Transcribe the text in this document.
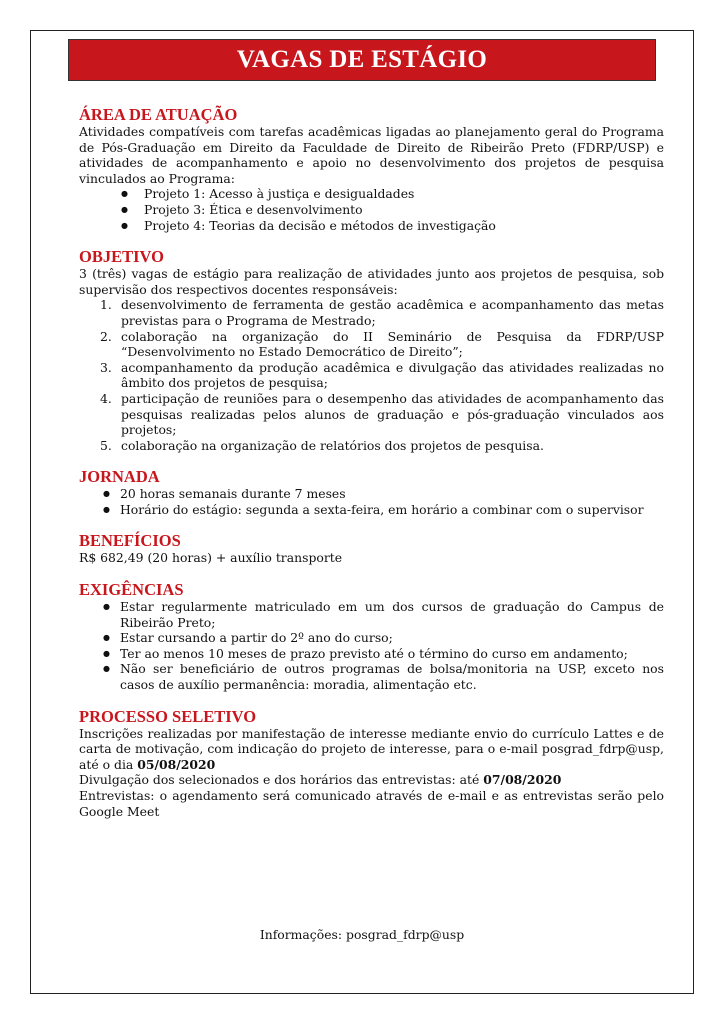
VAGAS DE ESTÁGIO
ÁREA DE ATUAÇÃO

Atividades compatíveis com tarefas acadêmicas ligadas ao planejamento geral do Programa de Pós-Graduação em Direito da Faculdade de Direito de Ribeirão Preto (FDRP/USP) e atividades de acompanhamento e apoio no desenvolvimento dos projetos de pesquisa vinculados ao Programa:

● Projeto 1: Acesso à justiça e desigualdades
● Projeto 3: Ética e desenvolvimento
● Projeto 4: Teorias da decisão e métodos de investigação
OBJETIVO

3 (três) vagas de estágio para realização de atividades junto aos projetos de pesquisa, sob supervisão dos respectivos docentes responsáveis:

1. desenvolvimento de ferramenta de gestão acadêmica e acompanhamento das metas previstas para o Programa de Mestrado;
2. colaboração na organização do II Seminário de Pesquisa da FDRP/USP “Desenvolvimento no Estado Democrático de Direito”;
3. acompanhamento da produção acadêmica e divulgação das atividades realizadas no âmbito dos projetos de pesquisa;
4. participação de reuniões para o desempenho das atividades de acompanhamento das pesquisas realizadas pelos alunos de graduação e pós-graduação vinculados aos projetos;
5. colaboração na organização de relatórios dos projetos de pesquisa.
JORNADA
● 20 horas semanais durante 7 meses
● Horário do estágio: segunda a sexta-feira, em horário a combinar com o supervisor
BENEFÍCIOS

R$ 682,49 (20 horas) + auxílio transporte

EXIGÊNCIAS
● Estar regularmente matriculado em um dos cursos de graduação do Campus de Ribeirão Preto;
● Estar cursando a partir do 2º ano do curso;
● Ter ao menos 10 meses de prazo previsto até o término do curso em andamento;
● Não ser beneficiário de outros programas de bolsa/monitoria na USP, exceto nos casos de auxílio permanência: moradia, alimentação etc.
PROCESSO SELETIVO

Inscrições realizadas por manifestação de interesse mediante envio do currículo Lattes e de carta de motivação, com indicação do projeto de interesse, para o e-mail posgrad_fdrp@usp, até o dia 05/08/2020

Divulgação dos selecionados e dos horários das entrevistas: até 07/08/2020

Entrevistas: o agendamento será comunicado através de e-mail e as entrevistas serão pelo Google Meet

Informações: posgrad_fdrp@usp
